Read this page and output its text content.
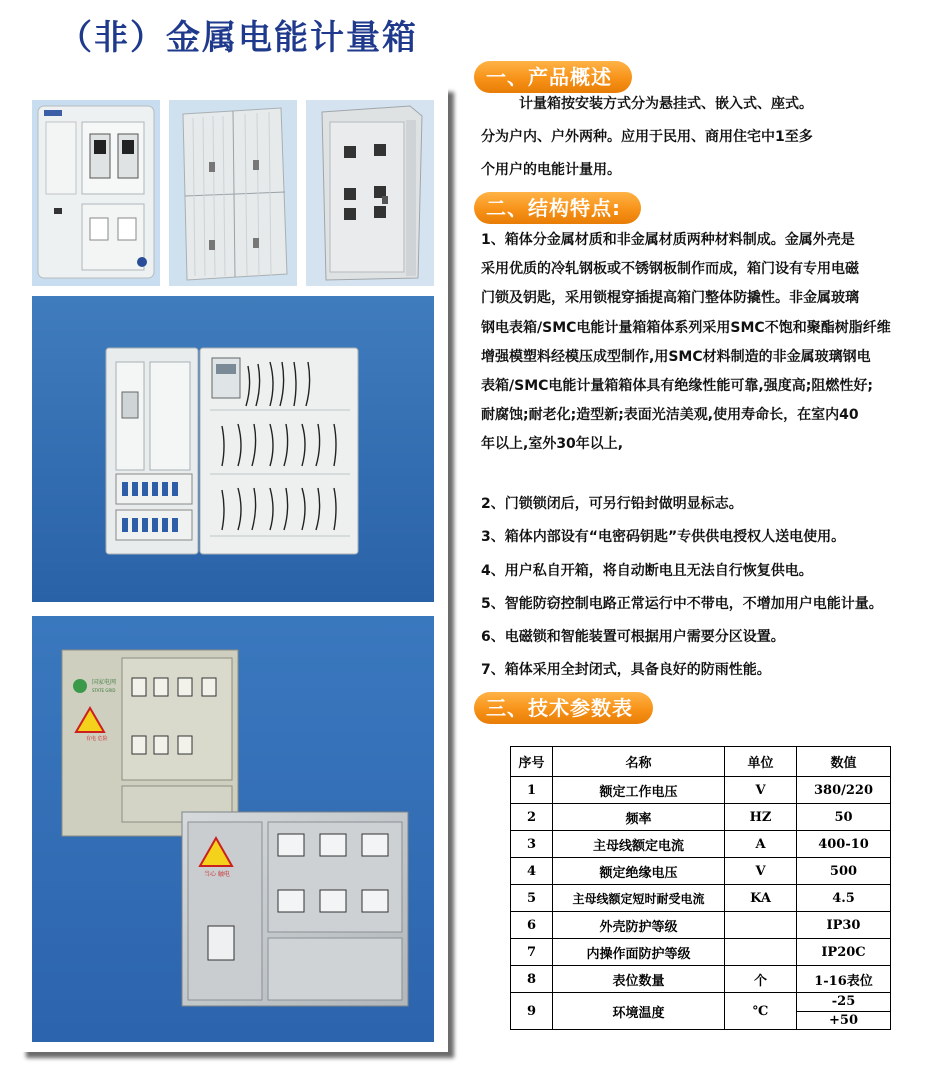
（非）金属电能计量箱
国家电网
STATE GRID
有电 危险
当心 触电
一、产品概述

计量箱按安装方式分为悬挂式、嵌入式、座式。

分为户内、户外两种。应用于民用、商用住宅中1至多

个用户的电能计量用。

二、结构特点:

1、箱体分金属材质和非金属材质两种材料制成。金属外壳是

采用优质的冷轧钢板或不锈钢板制作而成，箱门设有专用电磁

门锁及钥匙，采用锁棍穿插提高箱门整体防撬性。非金属玻璃

钢电表箱/SMC电能计量箱箱体系列采用SMC不饱和聚酯树脂纤维

增强模塑料经模压成型制作,用SMC材料制造的非金属玻璃钢电

表箱/SMC电能计量箱箱体具有绝缘性能可靠,强度高;阻燃性好;

耐腐蚀;耐老化;造型新;表面光洁美观,使用寿命长，在室内40

年以上,室外30年以上,

2、门锁锁闭后，可另行铅封做明显标志。

3、箱体内部设有“电密码钥匙”专供供电授权人送电使用。

4、用户私自开箱，将自动断电且无法自行恢复供电。

5、智能防窃控制电路正常运行中不带电，不增加用户电能计量。

6、电磁锁和智能装置可根据用户需要分区设置。

7、箱体采用全封闭式，具备良好的防雨性能。

三、技术参数表
序号	名称	单位	数值
1	额定工作电压	V	380/220
2	频率	HZ	50
3	主母线额定电流	A	400-10
4	额定绝缘电压	V	500
5	主母线额定短时耐受电流	KA	4.5
6	外壳防护等级		IP30
7	内操作面防护等级		IP20C
8	表位数量	个	1-16表位
9	环境温度	℃	-25
+50
